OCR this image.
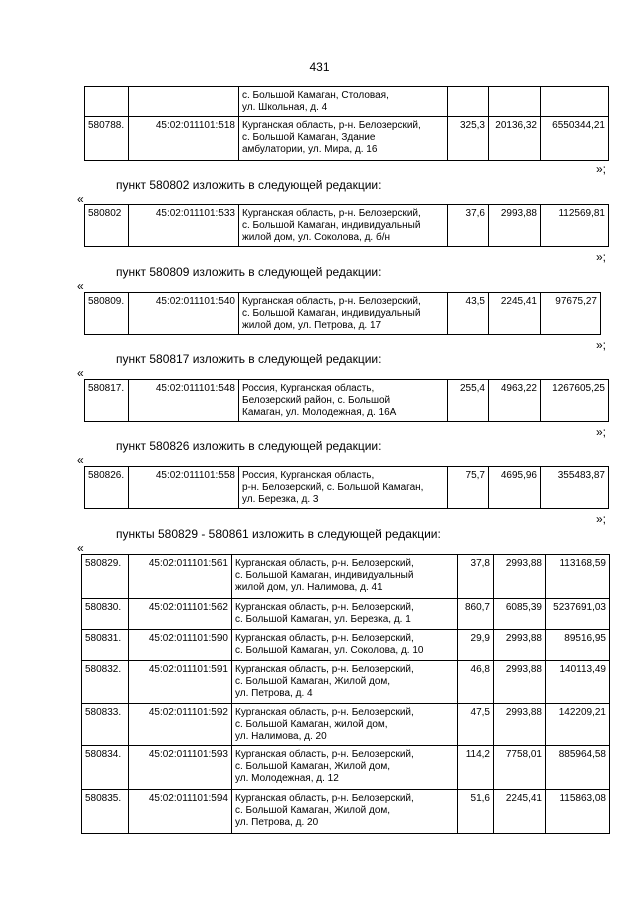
431
		с. Большой Камаган, Столовая,
ул. Школьная, д. 4			
580788.	45:02:011101:518	Курганская область, р-н. Белозерский,
с. Большой Камаган, Здание
амбулатории, ул. Мира, д. 16	325,3	20136,32	6550344,21
»;
пункт 580802 изложить в следующей редакции:
«
580802	45:02:011101:533	Курганская область, р-н. Белозерский,
с. Большой Камаган, индивидуальный
жилой дом, ул. Соколова, д. б/н	37,6	2993,88	112569,81
»;
пункт 580809 изложить в следующей редакции:
«
580809.	45:02:011101:540	Курганская область, р-н. Белозерский,
с. Большой Камаган, индивидуальный
жилой дом, ул. Петрова, д. 17	43,5	2245,41	97675,27
»;
пункт 580817 изложить в следующей редакции:
«
580817.	45:02:011101:548	Россия, Курганская область,
Белозерский район, с. Большой
Камаган, ул. Молодежная, д. 16А	255,4	4963,22	1267605,25
»;
пункт 580826 изложить в следующей редакции:
«
580826.	45:02:011101:558	Россия, Курганская область,
р-н. Белозерский, с. Большой Камаган,
ул. Березка, д. 3	75,7	4695,96	355483,87
»;
пункты 580829 - 580861 изложить в следующей редакции:
«
580829.	45:02:011101:561	Курганская область, р-н. Белозерский,
с. Большой Камаган, индивидуальный
жилой дом, ул. Налимова, д. 41	37,8	2993,88	113168,59
580830.	45:02:011101:562	Курганская область, р-н. Белозерский,
с. Большой Камаган, ул. Березка, д. 1	860,7	6085,39	5237691,03
580831.	45:02:011101:590	Курганская область, р-н. Белозерский,
с. Большой Камаган, ул. Соколова, д. 10	29,9	2993,88	89516,95
580832.	45:02:011101:591	Курганская область, р-н. Белозерский,
с. Большой Камаган, Жилой дом,
ул. Петрова, д. 4	46,8	2993,88	140113,49
580833.	45:02:011101:592	Курганская область, р-н. Белозерский,
с. Большой Камаган, жилой дом,
ул. Налимова, д. 20	47,5	2993,88	142209,21
580834.	45:02:011101:593	Курганская область, р-н. Белозерский,
с. Большой Камаган, Жилой дом,
ул. Молодежная, д. 12	114,2	7758,01	885964,58
580835.	45:02:011101:594	Курганская область, р-н. Белозерский,
с. Большой Камаган, Жилой дом,
ул. Петрова, д. 20	51,6	2245,41	115863,08
